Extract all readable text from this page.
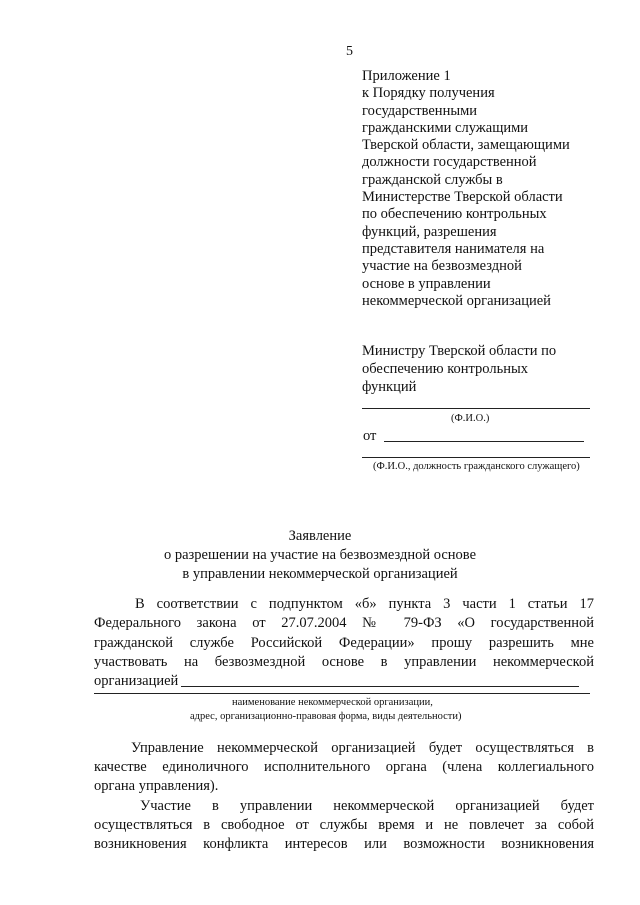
5
Приложение 1
к Порядку получения
государственными
гражданскими служащими
Тверской области, замещающими
должности государственной
гражданской службы в
Министерстве Тверской области
по обеспечению контрольных
функций, разрешения
представителя нанимателя на
участие на безвозмездной
основе в управлении
некоммерческой организацией
Министру Тверской области по
обеспечению контрольных
функций
(Ф.И.О.)
от
(Ф.И.О., должность гражданского служащего)
Заявление
о разрешении на участие на безвозмездной основе
в управлении некоммерческой организацией
В соответствии с подпунктом «б» пункта 3 части 1 статьи 17
Федерального закона от 27.07.2004 № 79-ФЗ «О государственной
гражданской службе Российской Федерации» прошу разрешить мне
участвовать на безвозмездной основе в управлении некоммерческой
организацией
наименование некоммерческой организации,
адрес, организационно-правовая форма, виды деятельности)
Управление некоммерческой организацией будет осуществляться в
качестве единоличного исполнительного органа (члена коллегиального
органа управления).
Участие в управлении некоммерческой организацией будет
осуществляться в свободное от службы время и не повлечет за собой
возникновения конфликта интересов или возможности возникновения
